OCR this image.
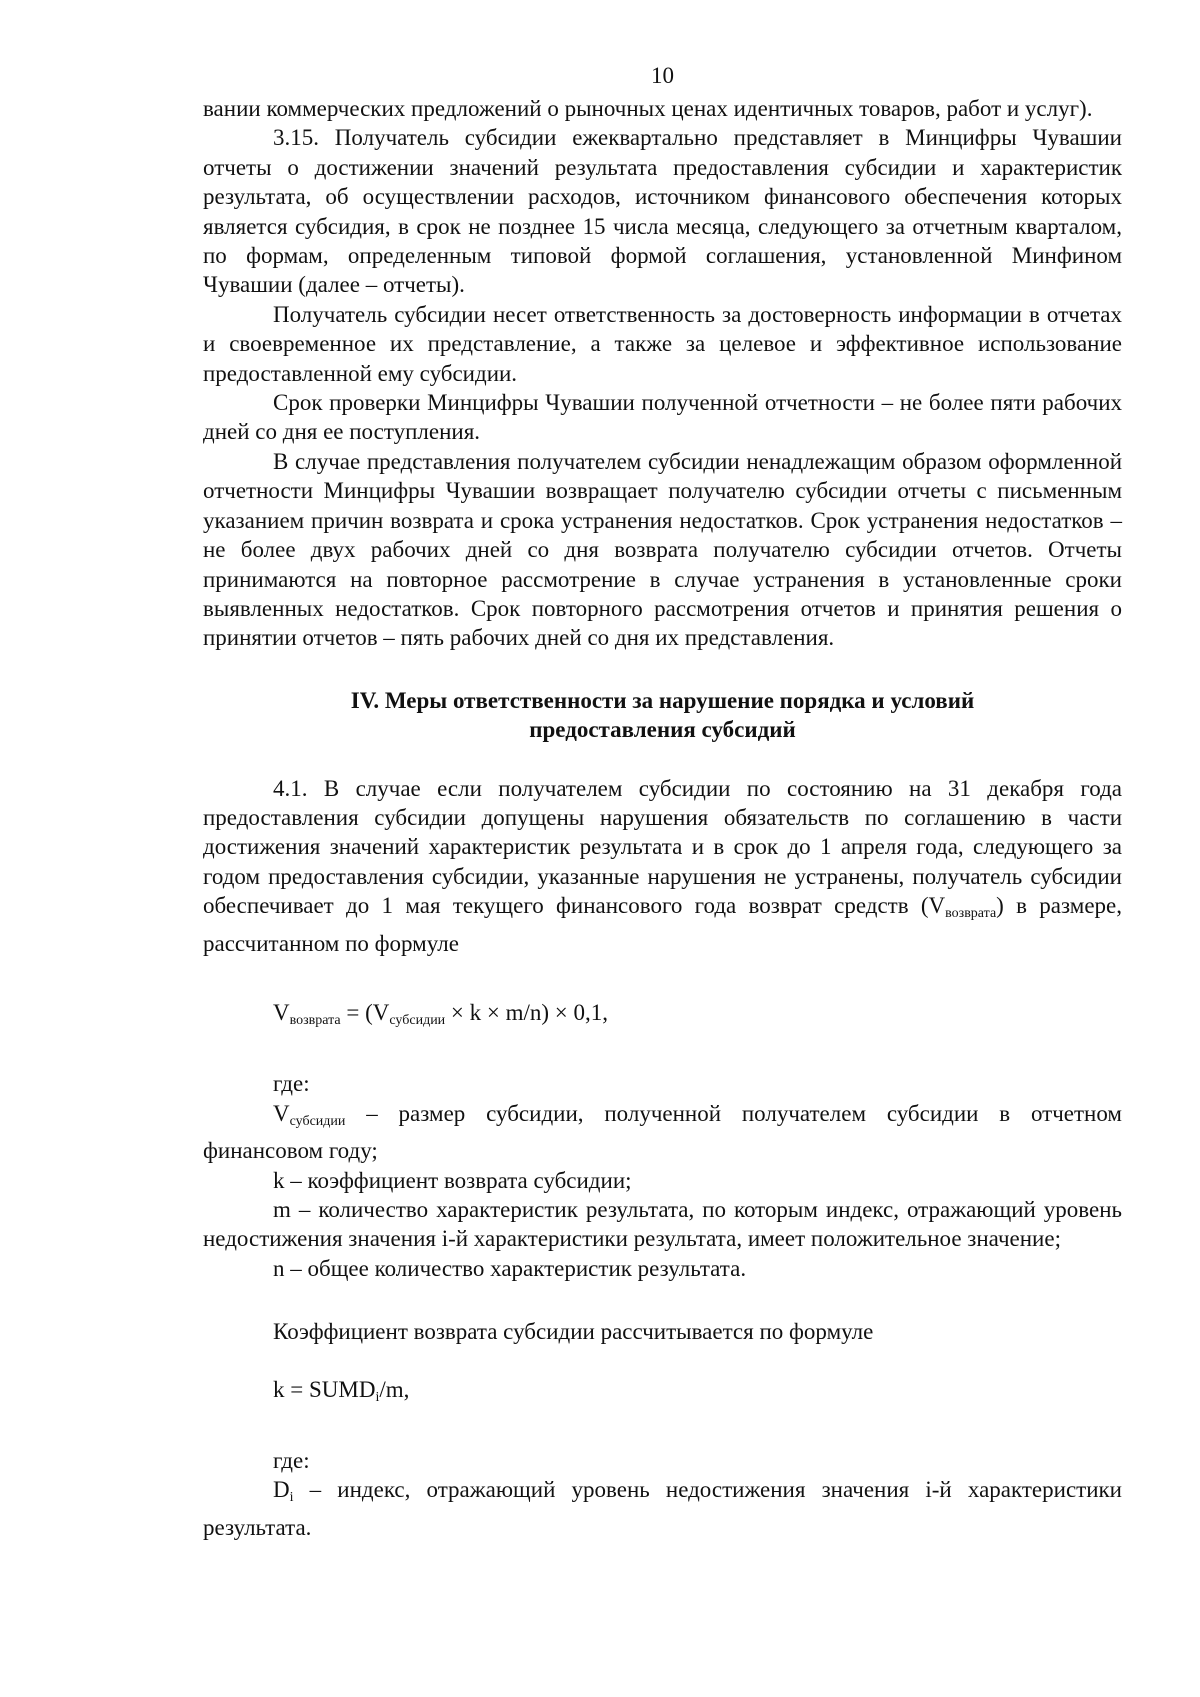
10

вании коммерческих предложений о рыночных ценах идентичных товаров, работ и услуг).

3.15. Получатель субсидии ежеквартально представляет в Минцифры Чувашии отчеты о достижении значений результата предоставления субсидии и характеристик результата, об осуществлении расходов, источником финансового обеспечения которых является субсидия, в срок не позднее 15 числа месяца, следующего за отчетным кварталом, по формам, определенным типовой формой соглашения, установленной Минфином Чувашии (далее – отчеты).

Получатель субсидии несет ответственность за достоверность информации в отчетах и своевременное их представление, а также за целевое и эффективное использование предоставленной ему субсидии.

Срок проверки Минцифры Чувашии полученной отчетности – не более пяти рабочих дней со дня ее поступления.

В случае представления получателем субсидии ненадлежащим образом оформленной отчетности Минцифры Чувашии возвращает получателю субсидии отчеты с письменным указанием причин возврата и срока устранения недостатков. Срок устранения недостатков – не более двух рабочих дней со дня возврата получателю субсидии отчетов. Отчеты принимаются на повторное рассмотрение в случае устранения в установленные сроки выявленных недостатков. Срок повторного рассмотрения отчетов и принятия решения о принятии отчетов – пять рабочих дней со дня их представления.

IV. Меры ответственности за нарушение порядка и условий
предоставления субсидий

4.1. В случае если получателем субсидии по состоянию на 31 декабря года предоставления субсидии допущены нарушения обязательств по соглашению в части достижения значений характеристик результата и в срок до 1 апреля года, следующего за годом предоставления субсидии, указанные нарушения не устранены, получатель субсидии обеспечивает до 1 мая текущего финансового года возврат средств $(V_{возврата})$ в размере, рассчитанном по формуле

$V_{возврата} = (V_{субсидии} \times k \times m/n) \times 0,1$,

где:

$V_{субсидии}$ – размер субсидии, полученной получателем субсидии в отчетном финансовом году;

k – коэффициент возврата субсидии;

m – количество характеристик результата, по которым индекс, отражающий уровень недостижения значения i-й характеристики результата, имеет положительное значение;

n – общее количество характеристик результата.

Коэффициент возврата субсидии рассчитывается по формуле

$k = SUMD_i/m$,

где:

$D_i$ – индекс, отражающий уровень недостижения значения i-й характеристики результата.
